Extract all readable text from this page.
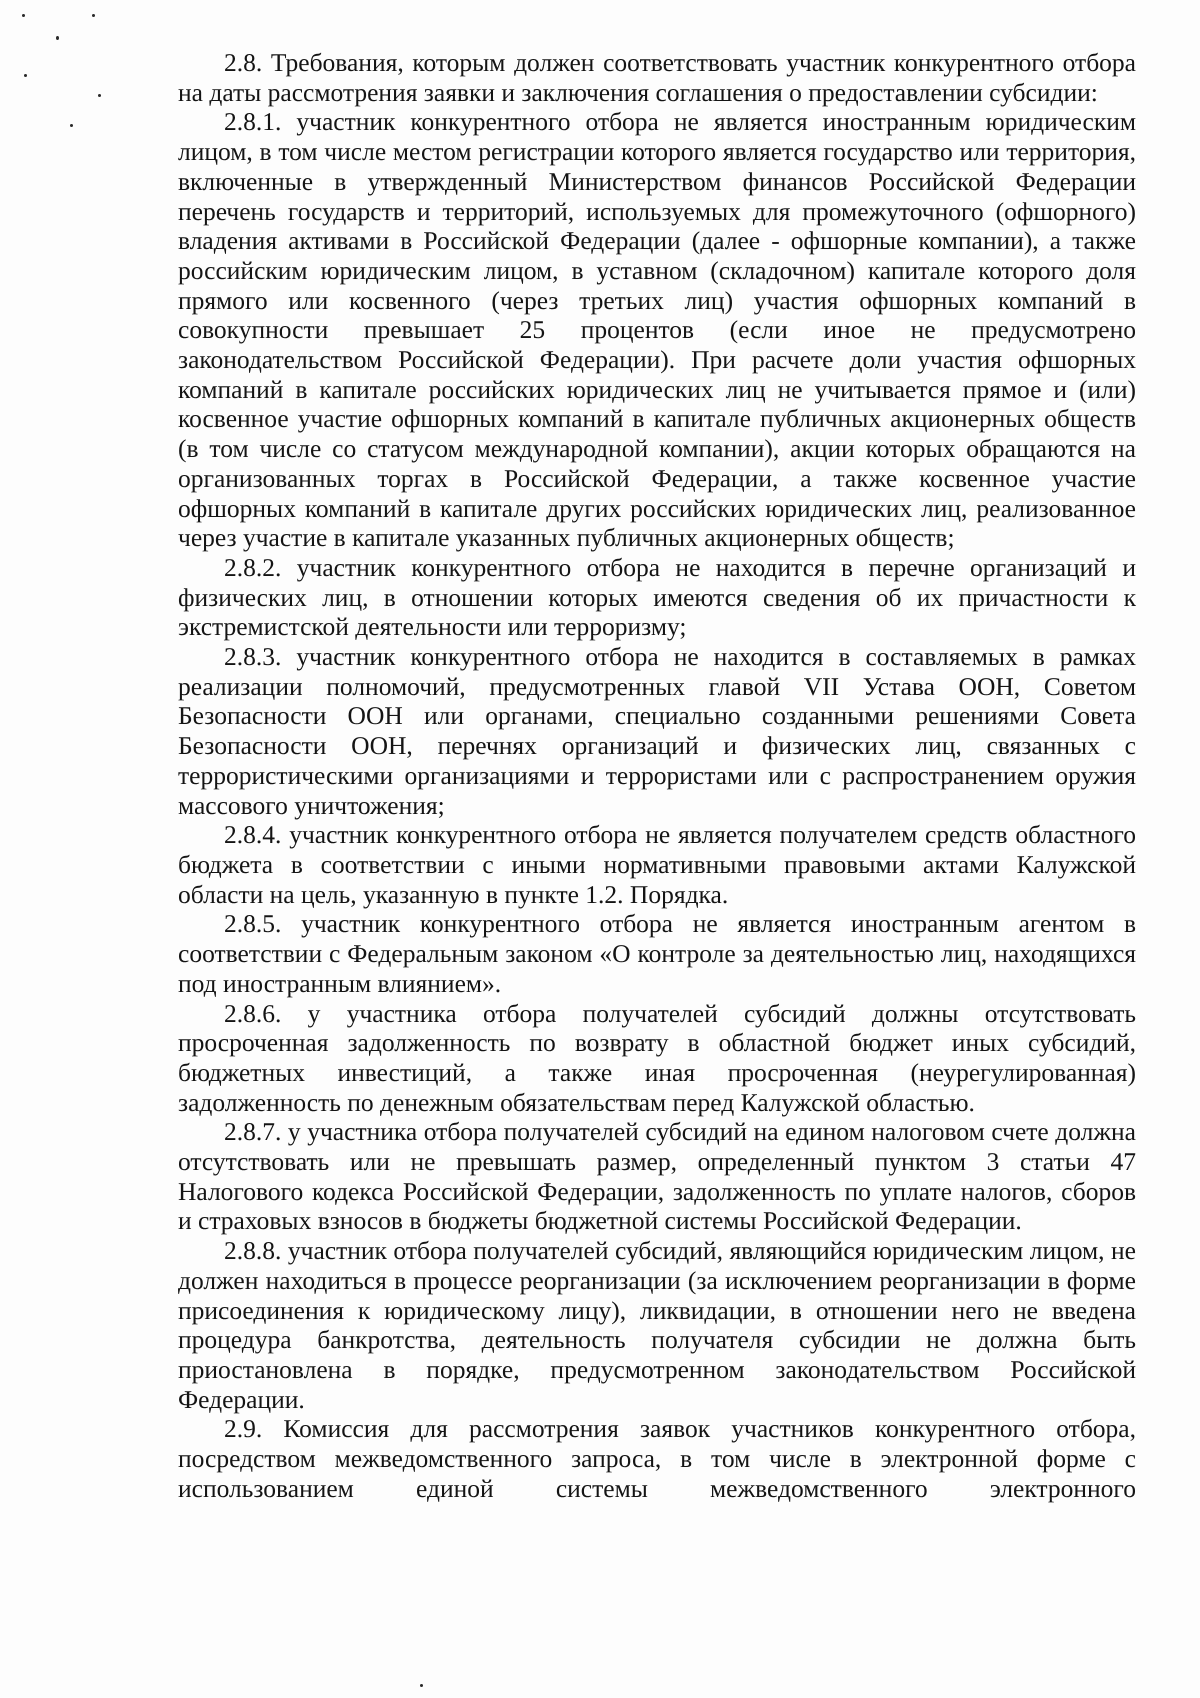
2.8. Требования, которым должен соответствовать участник конкурентного отбора на даты рассмотрения заявки и заключения соглашения о предоставлении субсидии:

2.8.1. участник конкурентного отбора не является иностранным юридическим лицом, в том числе местом регистрации которого является государство или территория, включенные в утвержденный Министерством финансов Российской Федерации перечень государств и территорий, используемых для промежуточного (офшорного) владения активами в Российской Федерации (далее - офшорные компании), а также российским юридическим лицом, в уставном (складочном) капитале которого доля прямого или косвенного (через третьих лиц) участия офшорных компаний в совокупности превышает 25 процентов (если иное не предусмотрено законодательством Российской Федерации). При расчете доли участия офшорных компаний в капитале российских юридических лиц не учитывается прямое и (или) косвенное участие офшорных компаний в капитале публичных акционерных обществ (в том числе со статусом международной компании), акции которых обращаются на организованных торгах в Российской Федерации, а также косвенное участие офшорных компаний в капитале других российских юридических лиц, реализованное через участие в капитале указанных публичных акционерных обществ;

2.8.2. участник конкурентного отбора не находится в перечне организаций и физических лиц, в отношении которых имеются сведения об их причастности к экстремистской деятельности или терроризму;

2.8.3. участник конкурентного отбора не находится в составляемых в рамках реализации полномочий, предусмотренных главой VII Устава ООН, Советом Безопасности ООН или органами, специально созданными решениями Совета Безопасности ООН, перечнях организаций и физических лиц, связанных с террористическими организациями и террористами или с распространением оружия массового уничтожения;

2.8.4. участник конкурентного отбора не является получателем средств областного бюджета в соответствии с иными нормативными правовыми актами Калужской области на цель, указанную в пункте 1.2. Порядка.

2.8.5. участник конкурентного отбора не является иностранным агентом в соответствии с Федеральным законом «О контроле за деятельностью лиц, находящихся под иностранным влиянием».

2.8.6. у участника отбора получателей субсидий должны отсутствовать просроченная задолженность по возврату в областной бюджет иных субсидий, бюджетных инвестиций, а также иная просроченная (неурегулированная) задолженность по денежным обязательствам перед Калужской областью.

2.8.7. у участника отбора получателей субсидий на едином налоговом счете должна отсутствовать или не превышать размер, определенный пунктом 3 статьи 47 Налогового кодекса Российской Федерации, задолженность по уплате налогов, сборов и страховых взносов в бюджеты бюджетной системы Российской Федерации.

2.8.8. участник отбора получателей субсидий, являющийся юридическим лицом, не должен находиться в процессе реорганизации (за исключением реорганизации в форме присоединения к юридическому лицу), ликвидации, в отношении него не введена процедура банкротства, деятельность получателя субсидии не должна быть приостановлена в порядке, предусмотренном законодательством Российской Федерации.

2.9. Комиссия для рассмотрения заявок участников конкурентного отбора, посредством межведомственного запроса, в том числе в электронной форме с использованием единой системы межведомственного электронного
